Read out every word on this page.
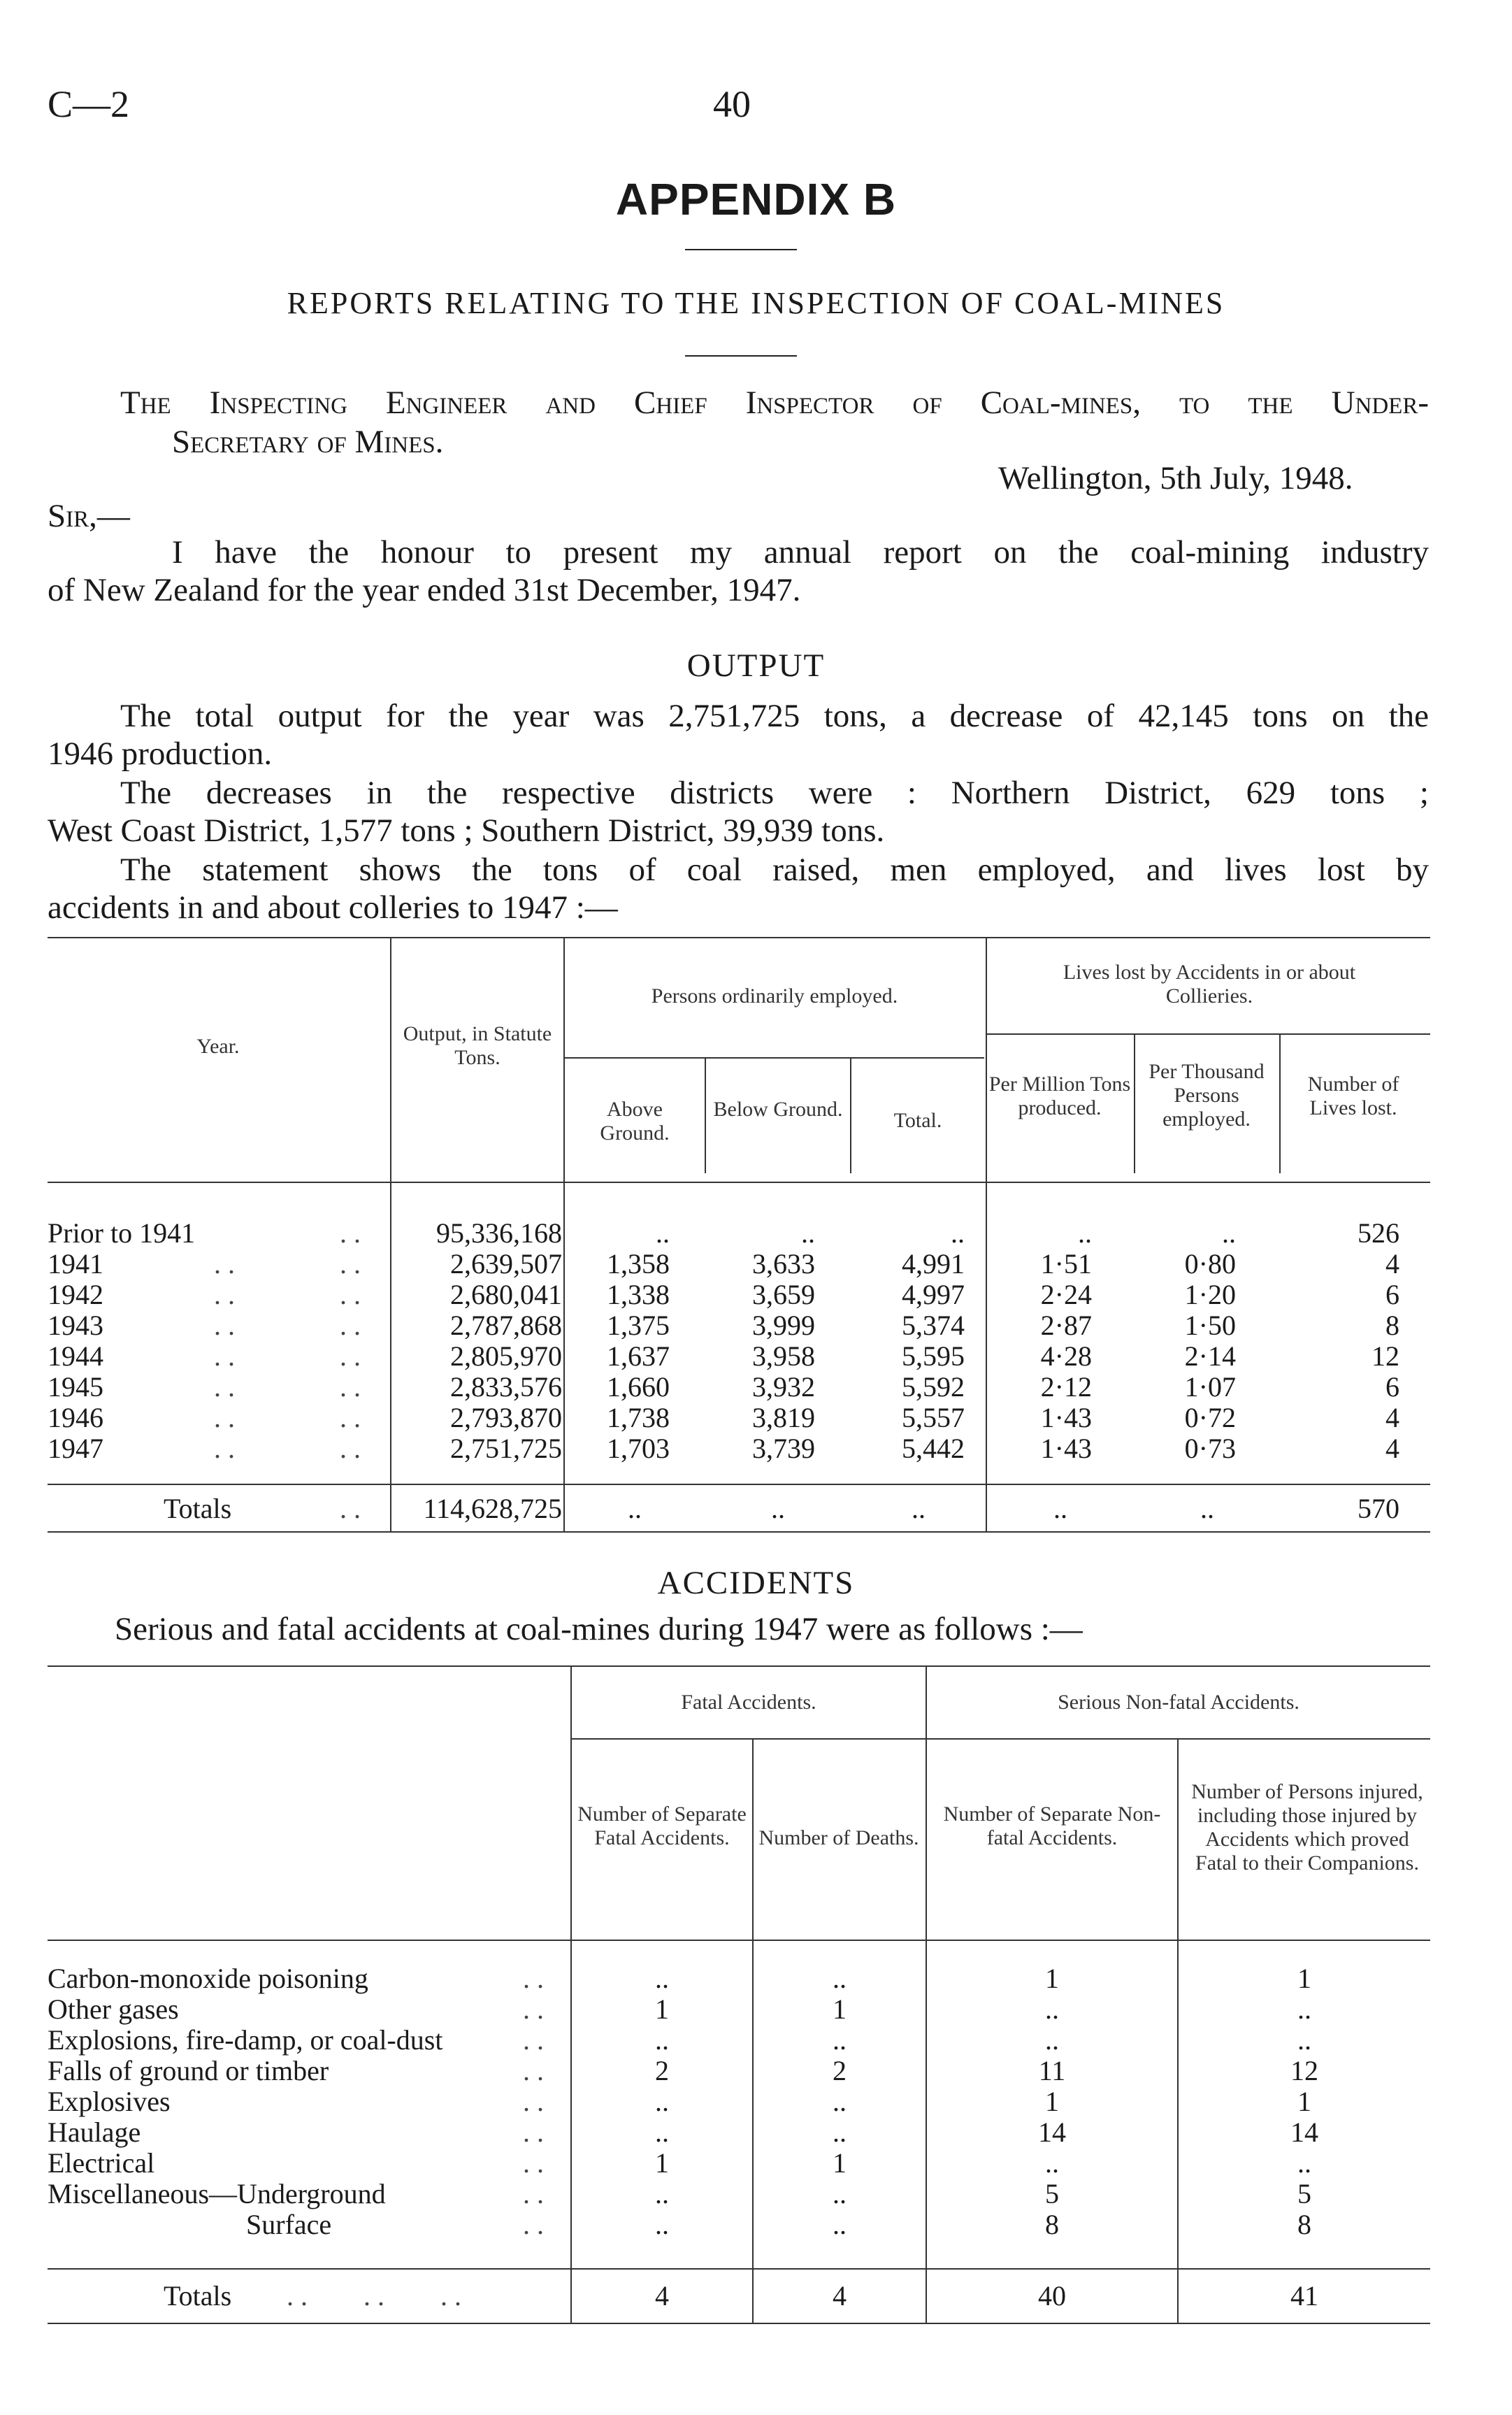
C—2	40
APPENDIX B
REPORTS RELATING TO THE INSPECTION OF COAL-MINES
The Inspecting Engineer and Chief Inspector of Coal-mines, to the Under-
Secretary of Mines.
Wellington, 5th July, 1948.
Sir,—
I have the honour to present my annual report on the coal-mining industry
of New Zealand for the year ended 31st December, 1947.
OUTPUT
The total output for the year was 2,751,725 tons, a decrease of 42,145 tons on the
1946 production.
The decreases in the respective districts were : Northern District, 629 tons ;
West Coast District, 1,577 tons ; Southern District, 39,939 tons.
The statement shows the tons of coal raised, men employed, and lives lost by
accidents in and about colleries to 1947 :—
Year.
Output, in Statute Tons.
Persons ordinarily employed.
Above Ground.
Below Ground.	Total.
Lives lost by Accidents in or about Collieries.
Per Million Tons produced.
Per Thousand Persons employed.
Number of Lives lost.
Prior to 1941	. .	95,336,168	..	..	..	..	..	526
1941	. .	. .	2,639,507	1,358	3,633	4,991	1·51	0·80	4
1942	. .	. .	2,680,041	1,338	3,659	4,997	2·24	1·20	6
1943	. .	. .	2,787,868	1,375	3,999	5,374	2·87	1·50	8
1944	. .	. .	2,805,970	1,637	3,958	5,595	4·28	2·14	12
1945	. .	. .	2,833,576	1,660	3,932	5,592	2·12	1·07	6
1946	. .	. .	2,793,870	1,738	3,819	5,557	1·43	0·72	4
1947	. .	. .	2,751,725	1,703	3,739	5,442	1·43	0·73	4
Totals	. .	114,628,725	..	..	..	..	..	570
ACCIDENTS
Serious and fatal accidents at coal-mines during 1947 were as follows :—
Fatal Accidents.	Serious Non-fatal Accidents.
Number of Separate Fatal Accidents.	Number of Deaths.
Number of Separate Non-fatal Accidents.
Number of Persons injured, including those injured by Accidents which proved Fatal to their Companions.
Carbon-monoxide poisoning	. .	..	..	1	1
Other gases	. .	1	1	..	..
Explosions, fire-damp, or coal-dust	. .	..	..	..	..
Falls of ground or timber	. .	2	2	11	12
Explosives	. .	..	..	1	1
Haulage	. .	..	..	14	14
Electrical	. .	1	1	..	..
Miscellaneous—Underground	. .	..	..	5	5
Surface	. .	..	..	8	8
Totals . .        . .        . .	4	4	40	41
